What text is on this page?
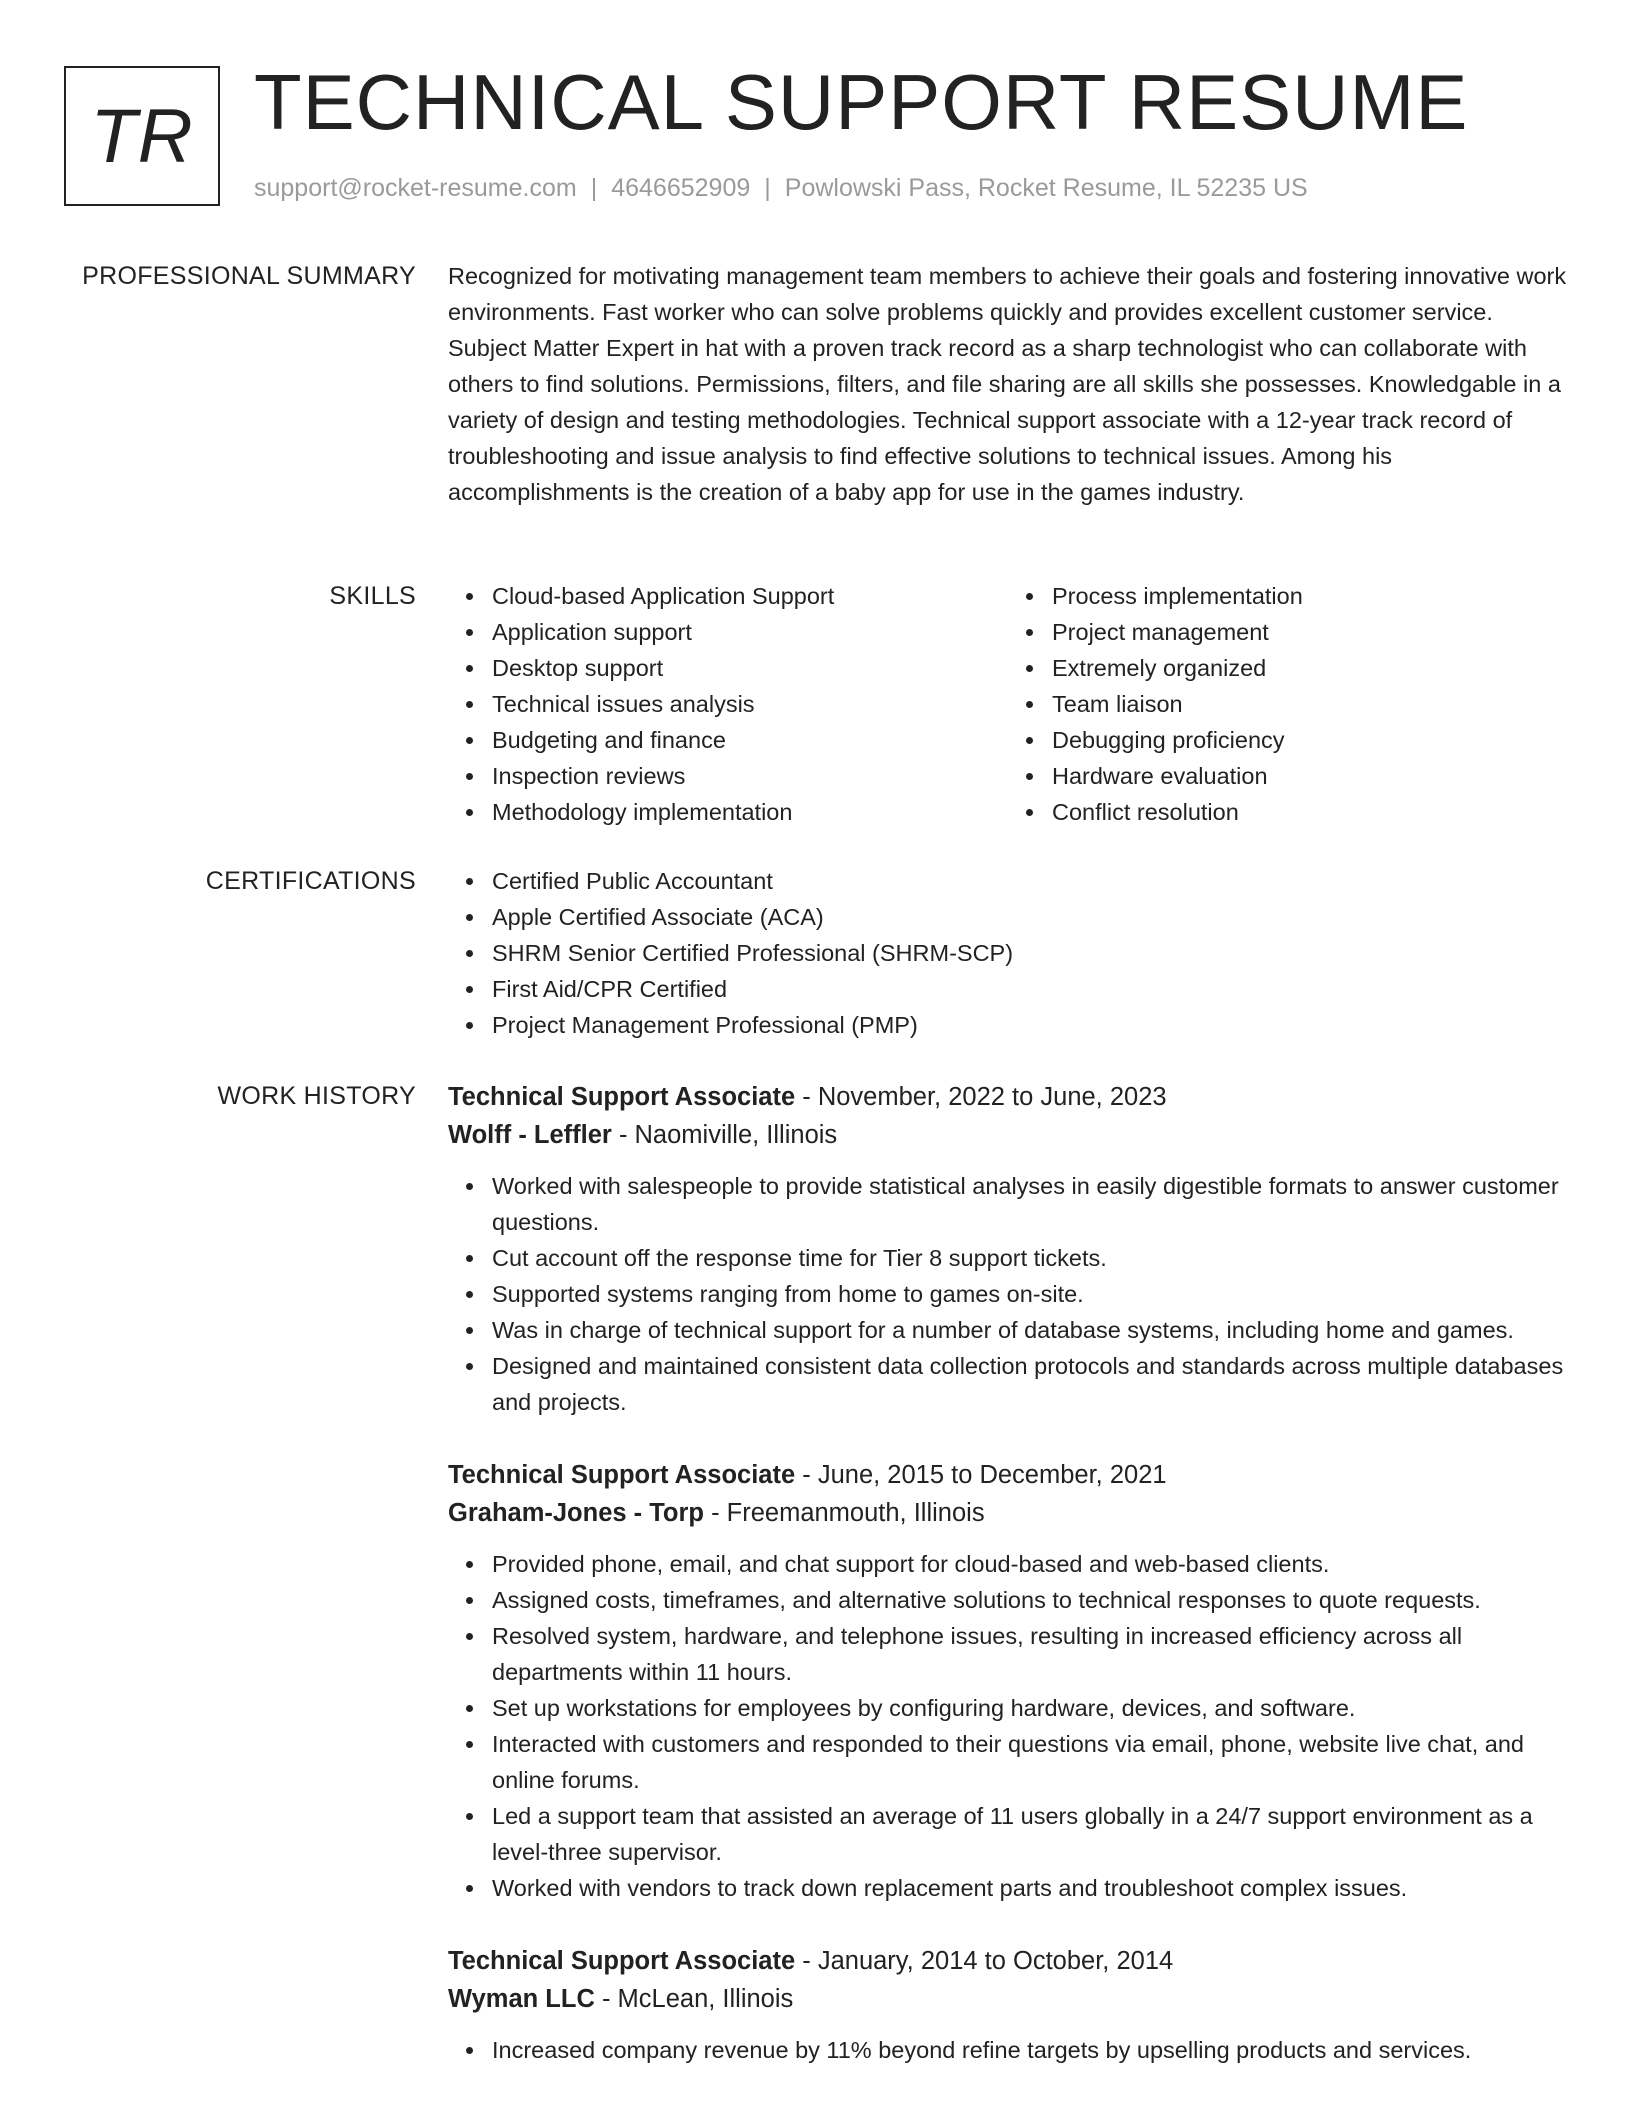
TR TECHNICAL SUPPORT RESUME
support@rocket-resume.com | 4646652909 | Powlowski Pass, Rocket Resume, IL 52235 US
PROFESSIONAL SUMMARY Recognized for motivating management team members to achieve their goals and fostering innovative work environments. Fast worker who can solve problems quickly and provides excellent customer service. Subject Matter Expert in hat with a proven track record as a sharp technologist who can collaborate with others to find solutions. Permissions, filters, and file sharing are all skills she possesses. Knowledgable in a variety of design and testing methodologies. Technical support associate with a 12-year track record of troubleshooting and issue analysis to find effective solutions to technical issues. Among his accomplishments is the creation of a baby app for use in the games industry.

SKILLS	Cloud-based Application Support
Application support
Desktop support
Technical issues analysis
Budgeting and finance
Inspection reviews
Methodology implementation
Process implementation
Project management
Extremely organized
Team liaison
Debugging proficiency
Hardware evaluation
Conflict resolution
CERTIFICATIONS	Certified Public Accountant
Apple Certified Associate (ACA)
SHRM Senior Certified Professional (SHRM-SCP)
First Aid/CPR Certified
Project Management Professional (PMP)
WORK HISTORY Technical Support Associate - November, 2022 to June, 2023
Wolff - Leffler - Naomiville, Illinois
Worked with salespeople to provide statistical analyses in easily digestible formats to answer customer questions.
Cut account off the response time for Tier 8 support tickets.
Supported systems ranging from home to games on-site.
Was in charge of technical support for a number of database systems, including home and games.
Designed and maintained consistent data collection protocols and standards across multiple databases and projects.
Technical Support Associate - June, 2015 to December, 2021
Graham-Jones - Torp - Freemanmouth, Illinois
Provided phone, email, and chat support for cloud-based and web-based clients.
Assigned costs, timeframes, and alternative solutions to technical responses to quote requests.
Resolved system, hardware, and telephone issues, resulting in increased efficiency across all departments within 11 hours.
Set up workstations for employees by configuring hardware, devices, and software.
Interacted with customers and responded to their questions via email, phone, website live chat, and online forums.
Led a support team that assisted an average of 11 users globally in a 24/7 support environment as a level-three supervisor.
Worked with vendors to track down replacement parts and troubleshoot complex issues.
Technical Support Associate - January, 2014 to October, 2014
Wyman LLC - McLean, Illinois
Increased company revenue by 11% beyond refine targets by upselling products and services.
